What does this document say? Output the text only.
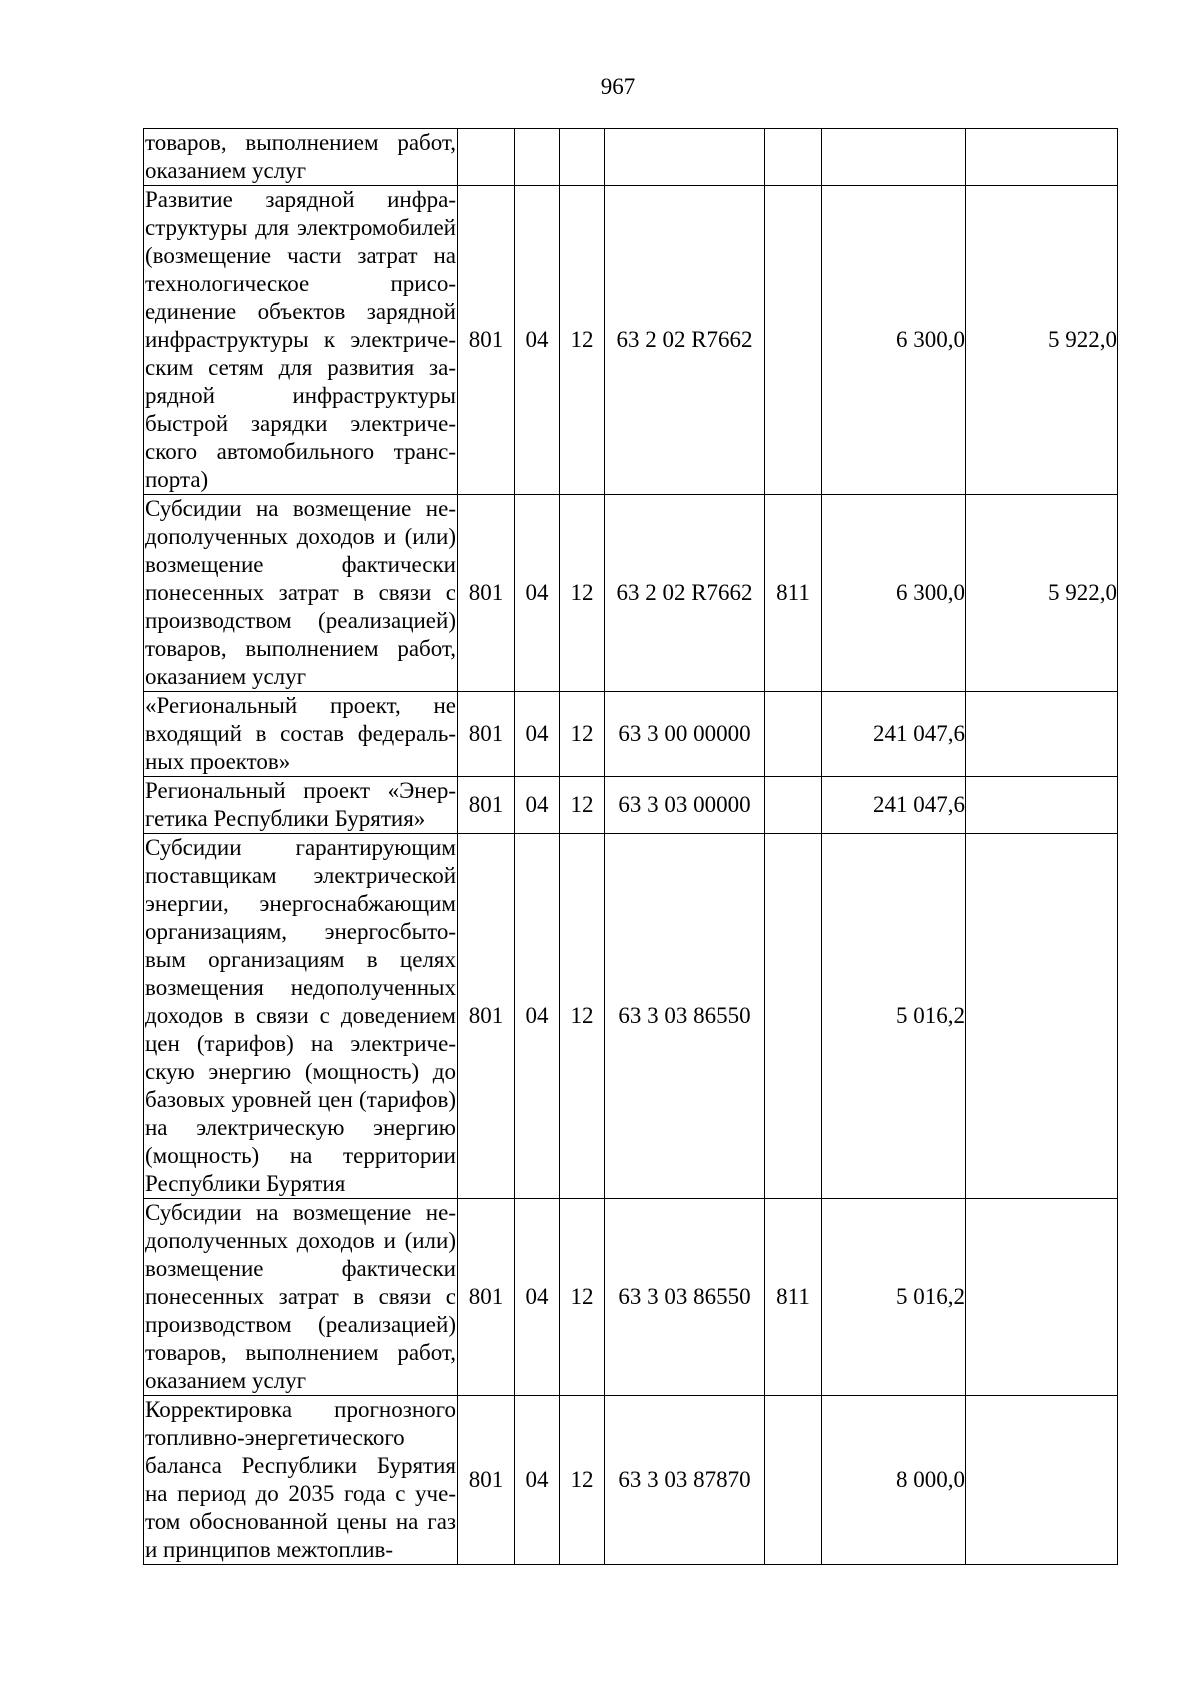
967
товаров, выполнением работ, оказанием услуг							
Развитие зарядной инфраструктуры для электромобилей (возмещение части затрат на технологическое присоединение объектов зарядной инфраструктуры к электрическим сетям для развития зарядной инфраструктуры быстрой зарядки электрического автомобильного транспорта)	801	04	12	63 2 02 R7662		6 300,0	5 922,0
Субсидии на возмещение недополученных доходов и (или) возмещение фактически понесенных затрат в связи с производством (реализацией) товаров, выполнением работ, оказанием услуг	801	04	12	63 2 02 R7662	811	6 300,0	5 922,0
«Региональный проект, не входящий в состав федеральных проектов»	801	04	12	63 3 00 00000		241 047,6	
Региональный проект «Энергетика Республики Бурятия»	801	04	12	63 3 03 00000		241 047,6	
Субсидии гарантирующим поставщикам электрической энергии, энергоснабжающим организациям, энергосбытовым организациям в целях возмещения недополученных доходов в связи с доведением цен (тарифов) на электрическую энергию (мощность) до базовых уровней цен (тарифов) на электрическую энергию (мощность) на территории Республики Бурятия	801	04	12	63 3 03 86550		5 016,2	
Субсидии на возмещение недополученных доходов и (или) возмещение фактически понесенных затрат в связи с производством (реализацией) товаров, выполнением работ, оказанием услуг	801	04	12	63 3 03 86550	811	5 016,2	
Корректировка прогнозного топливно-энергетического баланса Республики Бурятия на период до 2035 года с учетом обоснованной цены на газ и принципов межтоплив-	801	04	12	63 3 03 87870		8 000,0	
